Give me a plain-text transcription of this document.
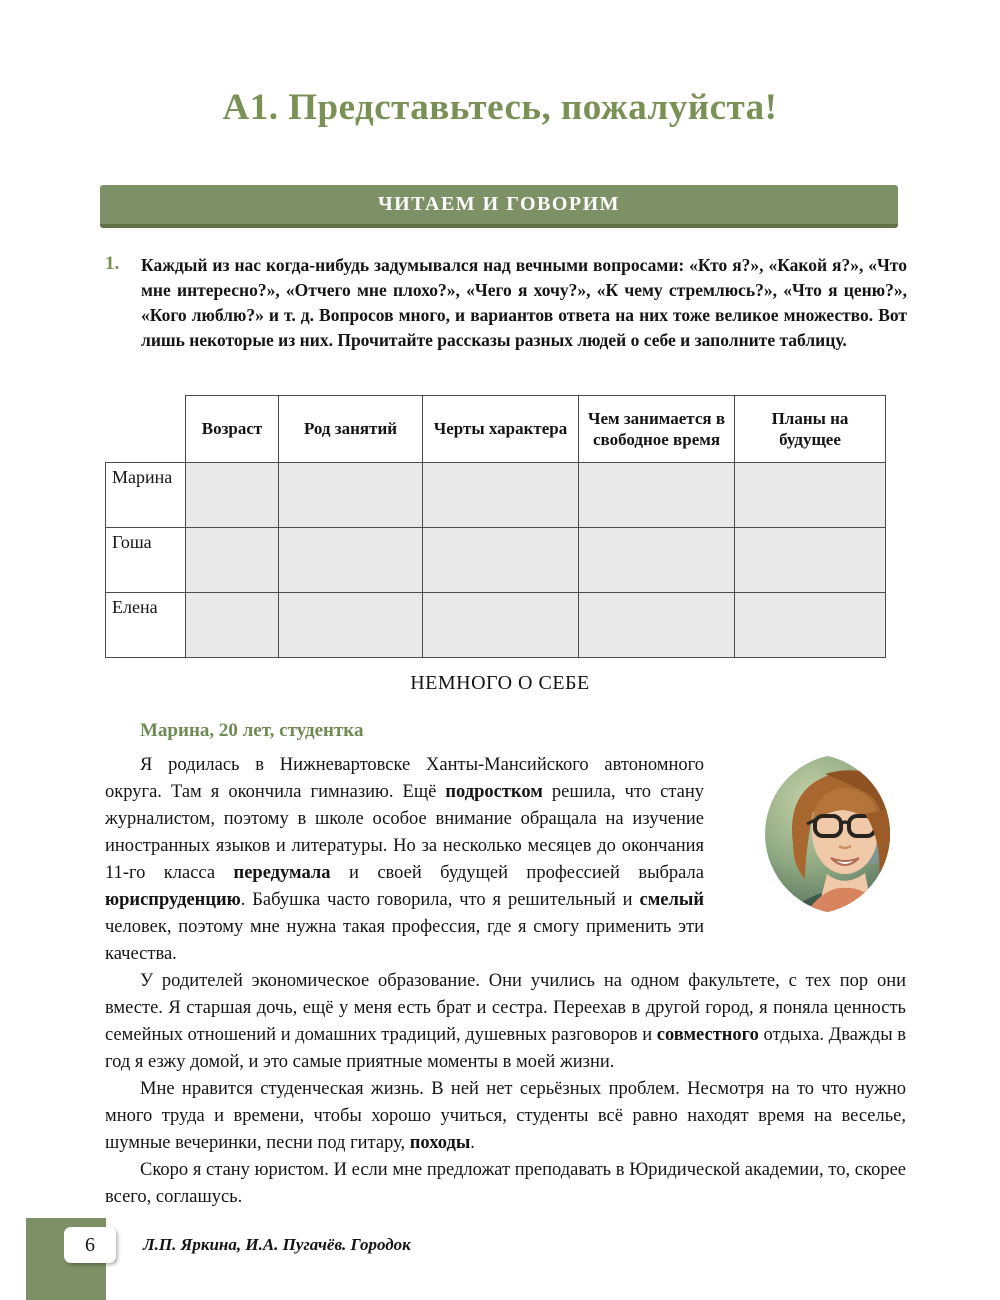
А1. Представьтесь, пожалуйста!
ЧИТАЕМ И ГОВОРИМ
1.	Каждый из нас когда-нибудь задумывался над вечными вопросами: «Кто я?», «Какой я?», «Что мне интересно?», «Отчего мне плохо?», «Чего я хочу?», «К чему стремлюсь?», «Что я ценю?», «Кого люблю?» и т. д. Вопросов много, и вариантов ответа на них тоже великое множество. Вот лишь некоторые из них. Прочитайте рассказы разных людей о себе и заполните таблицу.
	Возраст	Род занятий	Черты характера	Чем занимается в свободное время	Планы на будущее
Марина					
Гоша					
Елена					
НЕМНОГО О СЕБЕ
Марина, 20 лет, студентка

Я родилась в Нижневартовске Ханты-Мансийского автономного округа. Там я окончила гимназию. Ещё подростком решила, что стану журналистом, поэтому в школе особое внимание обращала на изучение иностранных языков и литературы. Но за несколько месяцев до окончания 11-го класса передумала и своей будущей профессией выбрала юриспруденцию. Бабушка часто говорила, что я решительный и смелый человек, поэтому мне нужна такая профессия, где я смогу применить эти качества.

У родителей экономическое образование. Они учились на одном факультете, с тех пор они вместе. Я старшая дочь, ещё у меня есть брат и сестра. Переехав в другой город, я поняла ценность семейных отношений и домашних традиций, душевных разговоров и совместного отдыха. Дважды в год я езжу домой, и это самые приятные моменты в моей жизни.

Мне нравится студенческая жизнь. В ней нет серьёзных проблем. Несмотря на то что нужно много труда и времени, чтобы хорошо учиться, студенты всё равно находят время на веселье, шумные вечеринки, песни под гитару, походы.

Скоро я стану юристом. И если мне предложат преподавать в Юридической академии, то, скорее всего, соглашусь.

6	Л.П. Яркина, И.А. Пугачёв. Городок
